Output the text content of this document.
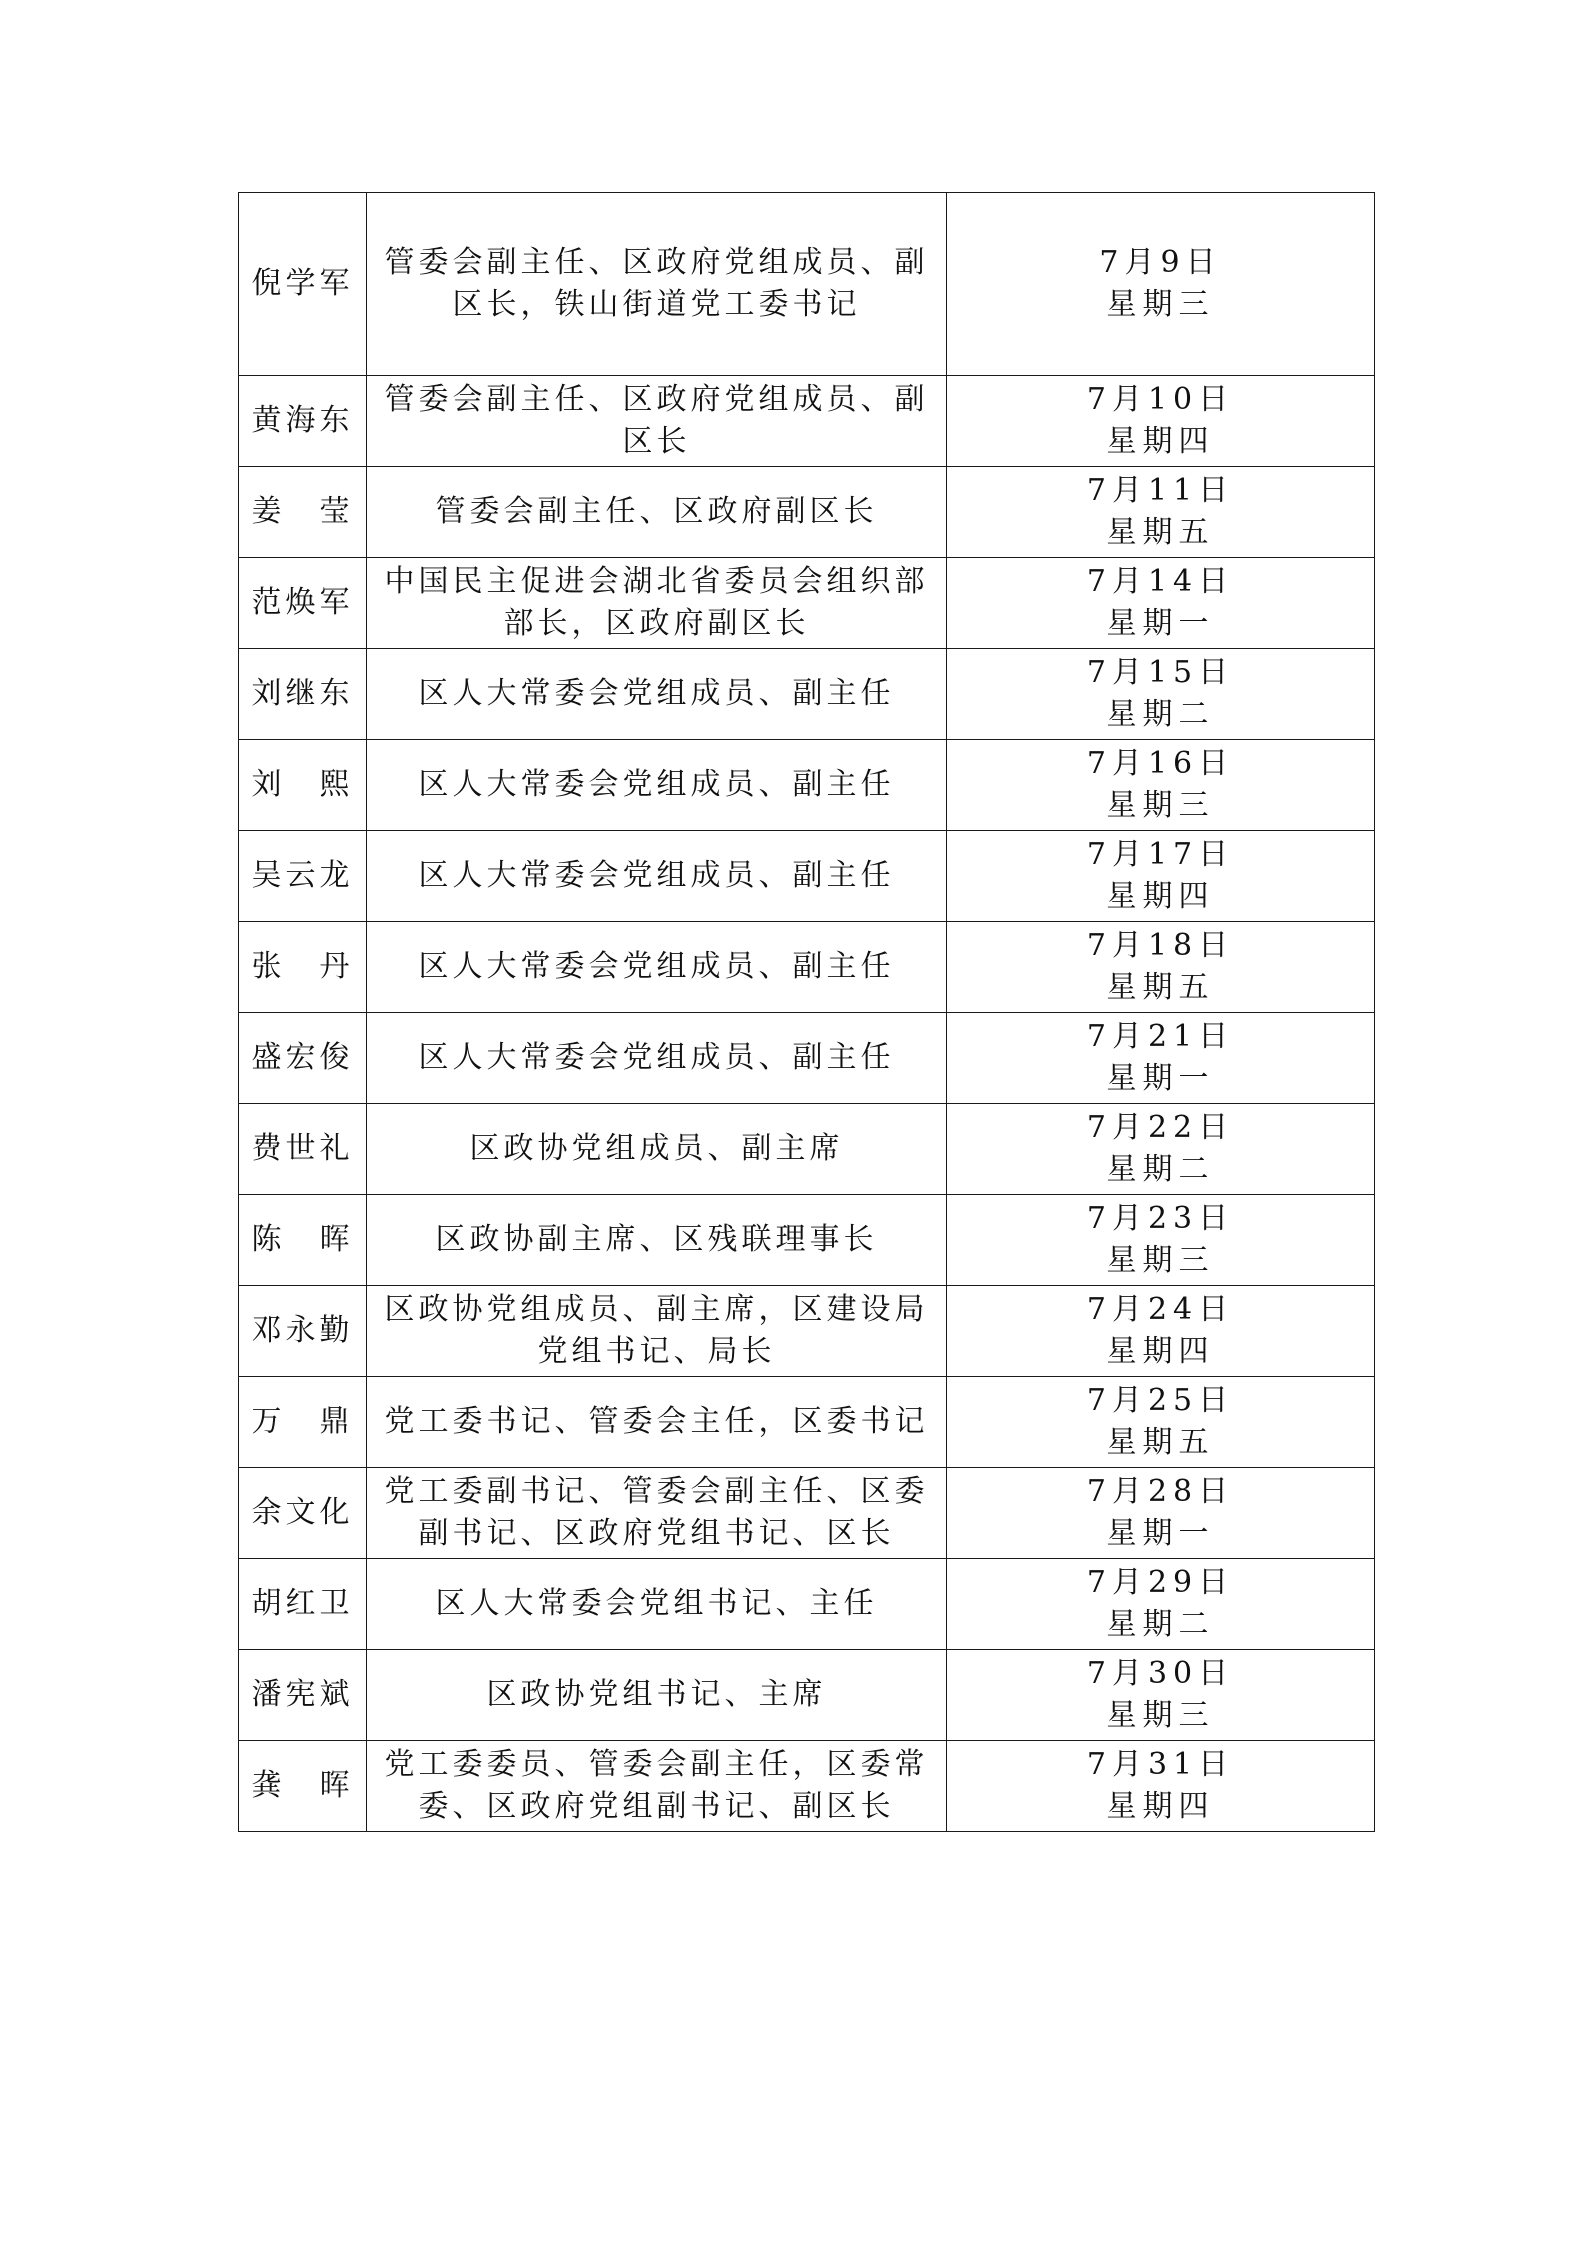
倪学军	管委会副主任、区政府党组成员、副区长，铁山街道党工委书记	7月9日
星期三

黄海东	管委会副主任、区政府党组成员、副区长	7月10日
星期四

姜　莹	管委会副主任、区政府副区长	7月11日
星期五

范焕军	中国民主促进会湖北省委员会组织部部长，区政府副区长	7月14日
星期一

刘继东	区人大常委会党组成员、副主任	7月15日
星期二

刘　熙	区人大常委会党组成员、副主任	7月16日
星期三

吴云龙	区人大常委会党组成员、副主任	7月17日
星期四

张　丹	区人大常委会党组成员、副主任	7月18日
星期五

盛宏俊	区人大常委会党组成员、副主任	7月21日
星期一

费世礼	区政协党组成员、副主席	7月22日
星期二

陈　晖	区政协副主席、区残联理事长	7月23日
星期三

邓永勤	区政协党组成员、副主席，区建设局党组书记、局长	7月24日
星期四

万　鼎	党工委书记、管委会主任，区委书记	7月25日
星期五

余文化	党工委副书记、管委会副主任、区委副书记、区政府党组书记、区长	7月28日
星期一

胡红卫	区人大常委会党组书记、主任	7月29日
星期二

潘宪斌	区政协党组书记、主席	7月30日
星期三

龚　晖	党工委委员、管委会副主任，区委常委、区政府党组副书记、副区长	7月31日
星期四
